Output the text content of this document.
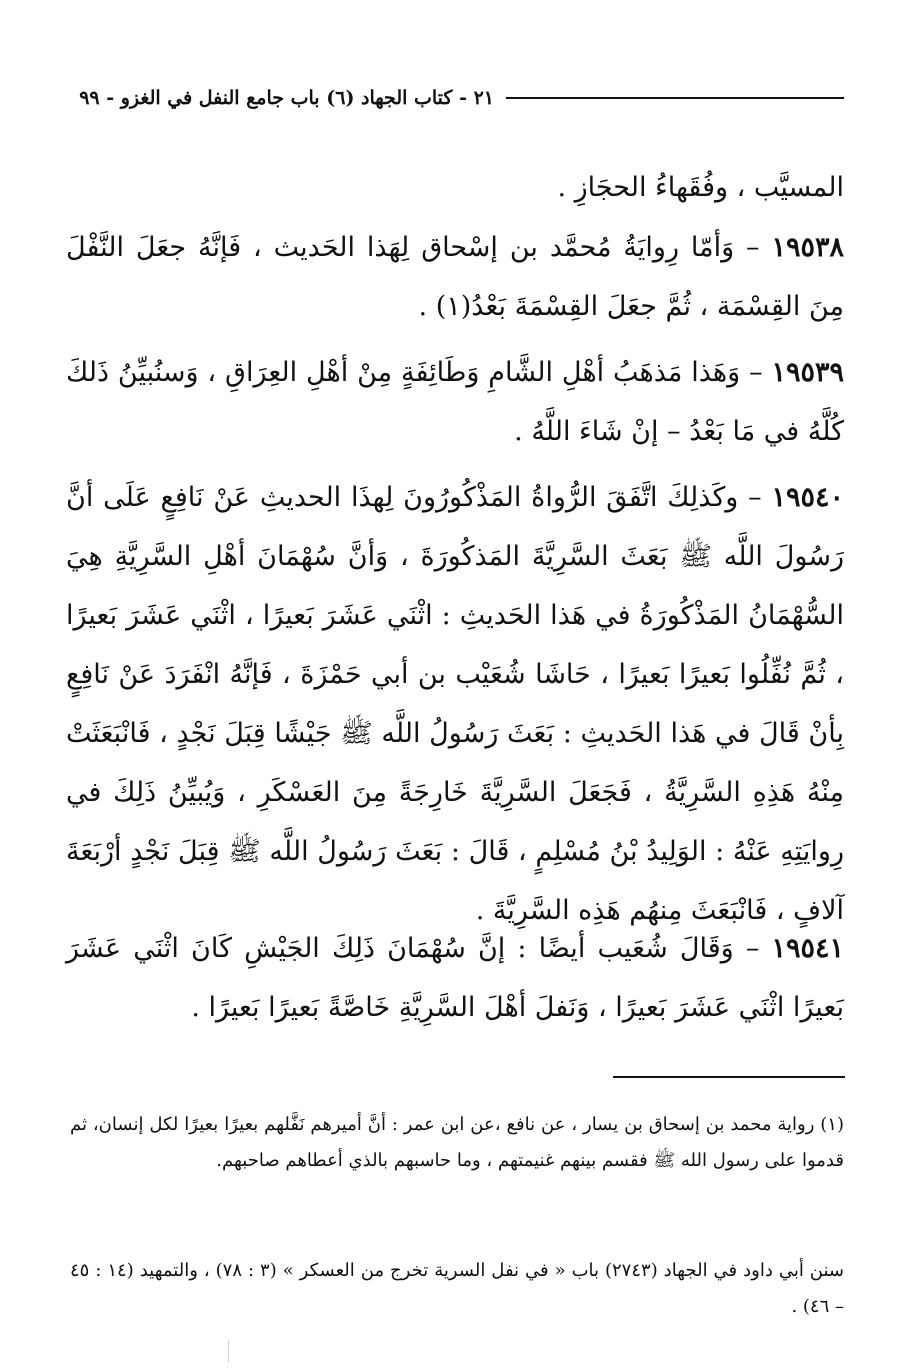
٢١ - كتاب الجهاد (٦) باب جامع النفل في الغزو - ٩٩
المسيَّب ، وفُقَهاءُ الحجَازِ .
١٩٥٣٨ – وَأمّا رِوايَةُ مُحمَّد بن إسْحاق لِهَذا الحَديث ، فَإنَّهُ جعَلَ النَّفْلَ مِنَ القِسْمَة ، ثُمَّ جعَلَ القِسْمَةَ بَعْدُ(١) .
١٩٥٣٩ – وَهَذا مَذهَبُ أهْلِ الشَّامِ وَطَائِفَةٍ مِنْ أهْلِ العِرَاقِ ، وَسنُبيِّنُ ذَلكَ كُلَّهُ في مَا بَعْدُ – إنْ شَاءَ اللَّهُ .
١٩٥٤٠ – وكَذلِكَ اتَّفَقَ الرُّواةُ المَذْكُورُونَ لِهذَا الحديثِ عَنْ نَافِعٍ عَلَى أنَّ رَسُولَ اللَّه ﷺ بَعَثَ السَّرِيَّةَ المَذكُورَةَ ، وَأنَّ سُهْمَانَ أهْلِ السَّرِيَّةِ هِيَ السُّهْمَانُ المَذْكُورَةُ في هَذا الحَديثِ : اثْنَي عَشَرَ بَعيرًا ، اثْنَي عَشَرَ بَعيرًا ، ثُمَّ نُفِّلُوا بَعيرًا بَعيرًا ، حَاشَا شُعَيْب بن أبي حَمْزَةَ ، فَإنَّهُ انْفَرَدَ عَنْ نَافِعٍ بِأنْ قَالَ في هَذا الحَديثِ : بَعَثَ رَسُولُ اللَّه ﷺ جَيْشًا قِبَلَ نَجْدٍ ، فَانْبَعَثَتْ مِنْهُ هَذِهِ السَّرِيَّةُ ، فَجَعَلَ السَّرِيَّةَ خَارِجَةً مِنَ العَسْكَرِ ، وَيُبيِّنُ ذَلِكَ في رِوايَتِهِ عَنْهُ : الوَلِيدُ بْنُ مُسْلِمٍ ، قَالَ : بَعَثَ رَسُولُ اللَّه ﷺ قِبَلَ نَجْدٍ أرْبَعَةَ آلافٍ ، فَانْبَعَثَ مِنهُم هَذِه السَّرِيَّةَ .
١٩٥٤١ – وَقَالَ شُعَيب أيضًا : إنَّ سُهْمَانَ ذَلِكَ الجَيْشِ كَانَ اثْنَي عَشَرَ بَعيرًا اثْنَي عَشَرَ بَعيرًا ، وَنَفلَ أهْلَ السَّرِيَّةِ خَاصَّةً بَعيرًا بَعيرًا .
(١) رواية محمد بن إسحاق بن يسار ، عن نافع ،عن ابن عمر : أنَّ أميرهم نَفَّلهم بعيرًا بعيرًا لكل إنسان، ثم قدموا على رسول الله ﷺ فقسم بينهم غنيمتهم ، وما حاسبهم بالذي أعطاهم صاحبهم.
سنن أبي داود في الجهاد (٢٧٤٣) باب « في نفل السرية تخرج من العسكر » (٣ : ٧٨) ، والتمهيد (١٤ : ٤٥ – ٤٦) .
